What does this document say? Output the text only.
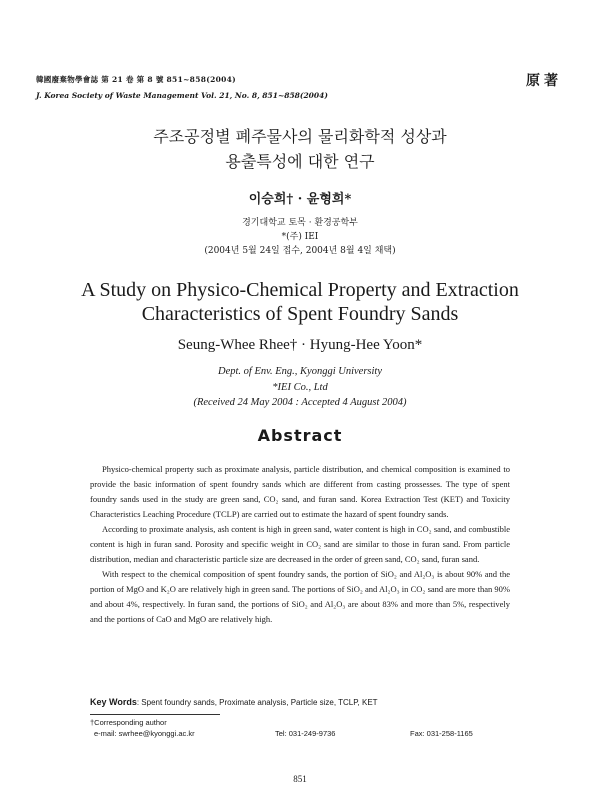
韓國廢棄物學會誌 第 21 卷 第 8 號 851~858(2004)
J. Korea Society of Waste Management Vol. 21, No. 8, 851~858(2004)
原著
주조공정별 폐주물사의 물리화학적 성상과
용출특성에 대한 연구
이승희† · 윤형희*
경기대학교 토목 · 환경공학부
*(주) IEI
(2004년 5월 24일 접수, 2004년 8월 4일 채택)
A Study on Physico-Chemical Property and Extraction
Characteristics of Spent Foundry Sands
Seung-Whee Rhee† · Hyung-Hee Yoon*
Dept. of Env. Eng., Kyonggi University
*IEI Co., Ltd
(Received 24 May 2004 : Accepted 4 August 2004)
Abstract

Physico-chemical property such as proximate analysis, particle distribution, and chemical composition is examined to provide the basic information of spent foundry sands which are different from casting prossesses. The type of spent foundry sands used in the study are green sand, CO₂ sand, and furan sand. Korea Extraction Test (KET) and Toxicity Characteristics Leaching Procedure (TCLP) are carried out to estimate the hazard of spent foundry sands.

According to proximate analysis, ash content is high in green sand, water content is high in CO₂ sand, and combustible content is high in furan sand. Porosity and specific weight in CO₂ sand are similar to those in furan sand. From particle distribution, median and characteristic particle size are decreased in the order of green sand, CO₂ sand, furan sand.

With respect to the chemical composition of spent foundry sands, the portion of SiO₂ and Al₂O₃ is about 90% and the portion of MgO and K₂O are relatively high in green sand. The portions of SiO₂ and Al₂O₃ in CO₂ sand are more than 90% and about 4%, respectively. In furan sand, the portions of SiO₂ and Al₂O₃ are about 83% and more than 5%, respectively and the portions of CaO and MgO are relatively high.

Key Words: Spent foundry sands, Proximate analysis, Particle size, TCLP, KET
†Corresponding author
e-mail: swrhee@kyonggi.ac.kr	Tel: 031-249-9736	Fax: 031-258-1165
851
